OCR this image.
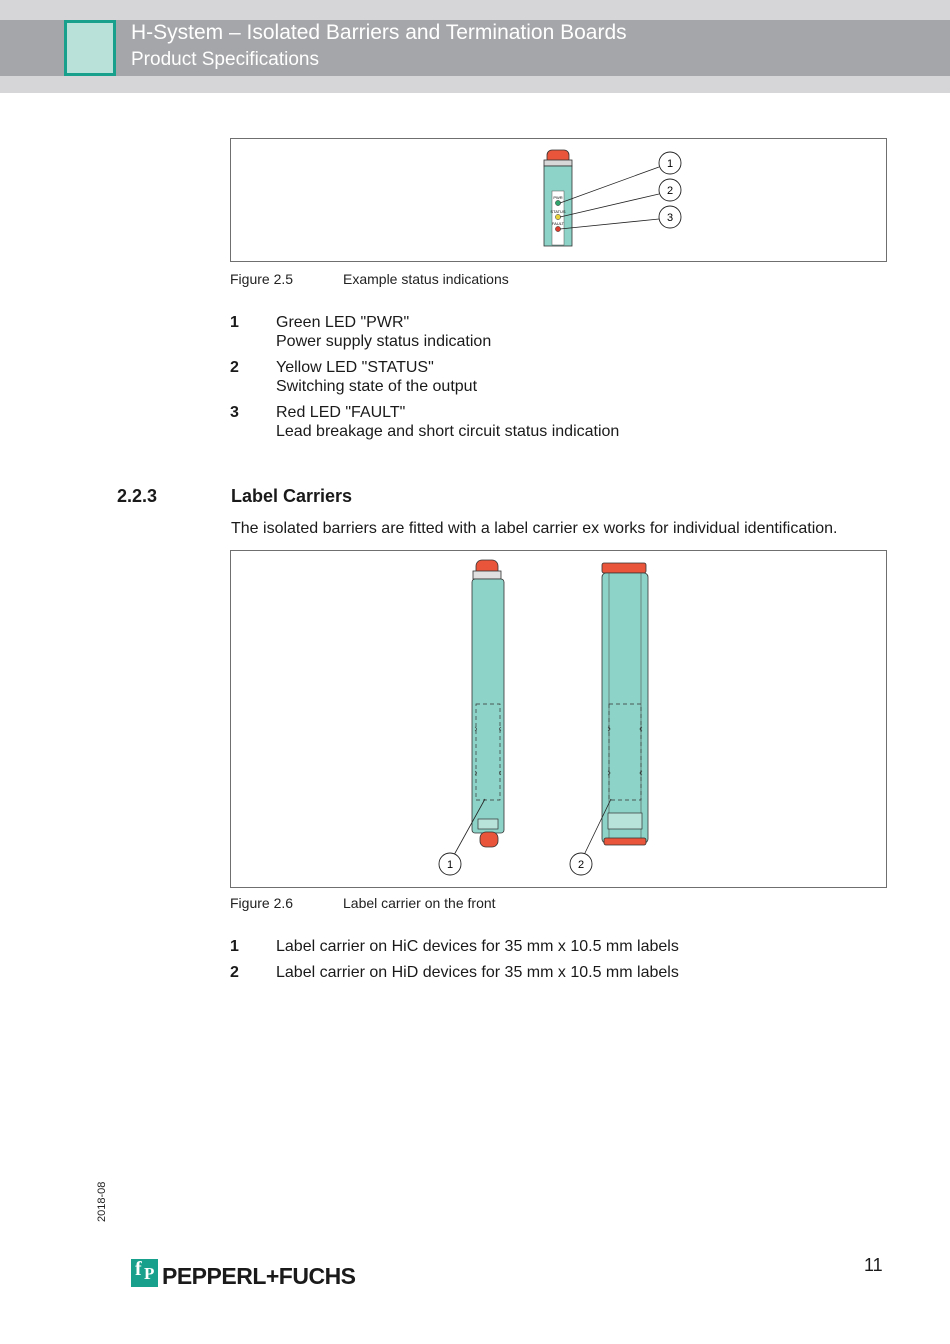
H-System – Isolated Barriers and Termination Boards
Product Specifications
PWR
STATUS
FAULT
1
2
3
Figure 2.5	Example status indications
1 Green LED "PWR"
Power supply status indication
2 Yellow LED "STATUS"
Switching state of the output
3 Red LED "FAULT"
Lead breakage and short circuit status indication
2.2.3	Label Carriers
The isolated barriers are fitted with a label carrier ex works for individual identification.
1	2
Figure 2.6	Label carrier on the front
1 Label carrier on HiC devices for 35 mm x 10.5 mm labels
2 Label carrier on HiD devices for 35 mm x 10.5 mm labels
2018-08
f P PEPPERL+FUCHS	11
